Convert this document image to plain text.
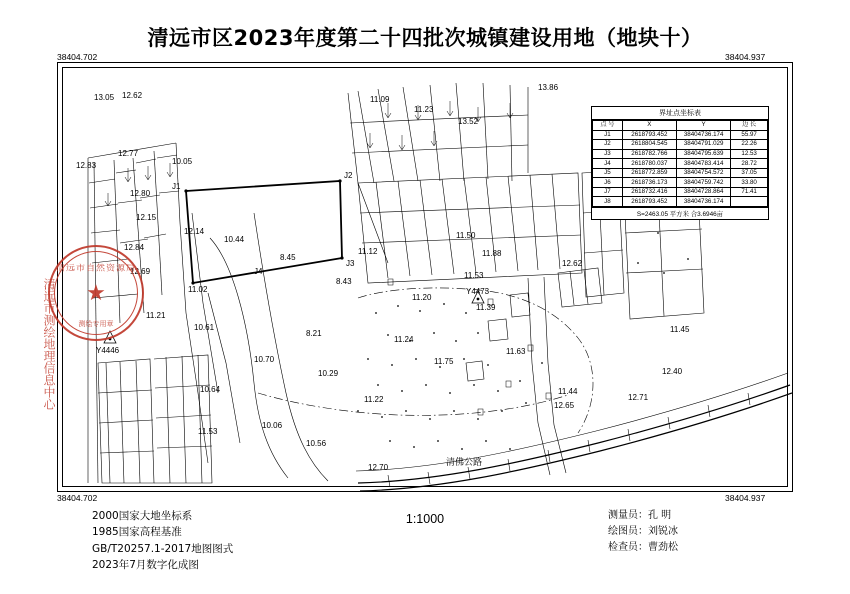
清远市区2023年度第二十四批次城镇建设用地（地块十）
38404.702	38404.937
38404.702	38404.937
J2
J3
J4
Y4446
Y4473
13.05 12.62
13.86
11.09
11.23
13.52
12.83
12.77
10.05
12.80
12.15
12.14
12.84
10.44
12.69
8.45
8.43
11.12
11.50
11.88
11.53
11.39
12.62
11.02
11.20
11.21
10.61
8.21
11.24
11.75
11.63
12.40
11.45
10.70
10.29
11.22
10.64
12.65
12.71
11.53
10.06
10.56
12.70
11.44
清佛公路
界址点坐标表
点 号	X	Y	边 长
J1	2618793.452	38404736.174	55.97
J2	2618804.545	38404791.029	22.26
J3	2618782.766	38404795.639	12.53
J4	2618780.037	38404783.414	28.72
J5	2618772.859	38404754.572	37.05
J6	2618736.173	38404759.742	33.80
J7	2618732.416	38404728.864	71.41
J8	2618793.452	38404736.174	
S=2463.05 平方米 合3.6946亩
J1
清远市自然资源局
★
测绘专用章
清远市测绘地理信息中心
1:1000
2000国家大地坐标系
1985国家高程基准
GB/T20257.1-2017地图图式
2023年7月数字化成图
测量员：孔 明
绘图员：刘锐冰
检查员：曹劲松
